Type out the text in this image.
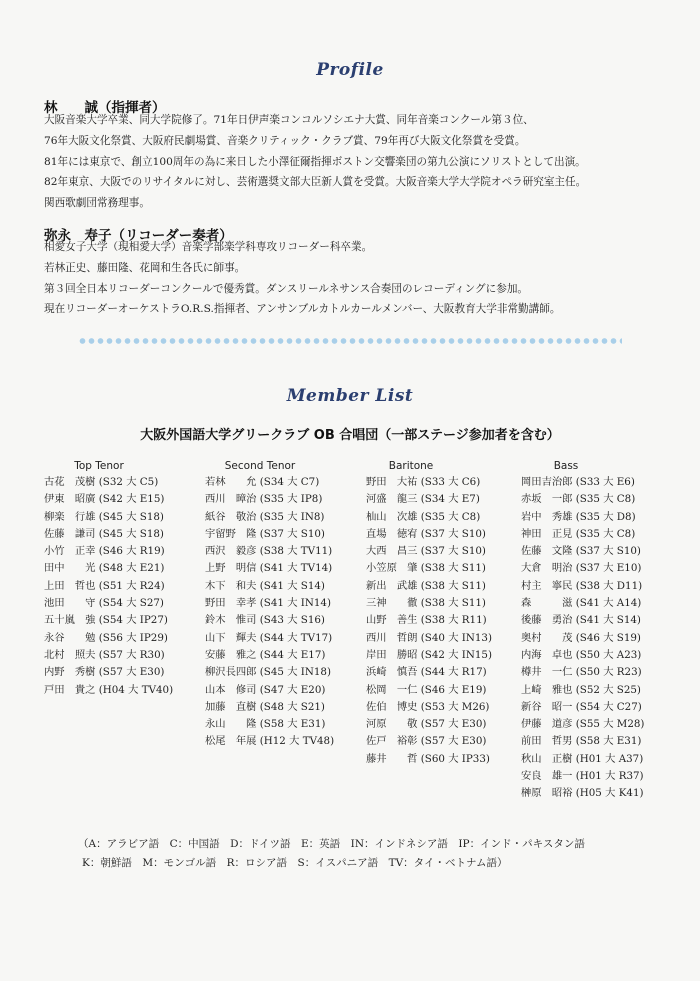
Profile
林　　誠（指揮者）
大阪音楽大学卒業、同大学院修了。71年日伊声楽コンコルソシエナ大賞、同年音楽コンクール第３位、
76年大阪文化祭賞、大阪府民劇場賞、音楽クリティック・クラブ賞、79年再び大阪文化祭賞を受賞。
81年には東京で、創立100周年の為に来日した小澤征爾指揮ボストン交響楽団の第九公演にソリストとして出演。
82年東京、大阪でのリサイタルに対し、芸術選奨文部大臣新人賞を受賞。大阪音楽大学大学院オペラ研究室主任。
関西歌劇団常務理事。
弥永　寿子（リコーダー奏者）
相愛女子大学（現相愛大学）音楽学部楽学科専攻リコーダー科卒業。
若林正史、藤田隆、花岡和生各氏に師事。
第３回全日本リコーダーコンクールで優秀賞。ダンスリールネサンス合奏団のレコーディングに参加。
現在リコーダーオーケストラO.R.S.指揮者、アンサンブルカトルカールメンバー、大阪教育大学非常勤講師。
Member List
大阪外国語大学グリークラブ OB 合唱団（一部ステージ参加者を含む）
Top Tenor
古花　茂樹 (S32 大 C5)
伊東　昭廣 (S42 大 E15)
柳楽　行雄 (S45 大 S18)
佐藤　謙司 (S45 大 S18)
小竹　正幸 (S46 大 R19)
田中　　光 (S48 大 E21)
上田　哲也 (S51 大 R24)
池田　　守 (S54 大 S27)
五十嵐　強 (S54 大 IP27)
永谷　　勉 (S56 大 IP29)
北村　照夫 (S57 大 R30)
内野　秀樹 (S57 大 E30)
戸田　貴之 (H04 大 TV40)
Second Tenor
若林　　允 (S34 大 C7)
西川　暲治 (S35 大 IP8)
紙谷　敬治 (S35 大 IN8)
宇留野　隆 (S37 大 S10)
西沢　毅彦 (S38 大 TV11)
上野　明信 (S41 大 TV14)
木下　和夫 (S41 大 S14)
野田　幸孝 (S41 大 IN14)
鈴木　惟司 (S43 大 S16)
山下　輝夫 (S44 大 TV17)
安藤　雅之 (S44 大 E17)
柳沢長四郎 (S45 大 IN18)
山本　修司 (S47 大 E20)
加藤　直樹 (S48 大 S21)
永山　　隆 (S58 大 E31)
松尾　年展 (H12 大 TV48)
Baritone
野田　大祐 (S33 大 C6)
河盛　龍三 (S34 大 E7)
杣山　次雄 (S35 大 C8)
直場　徳宥 (S37 大 S10)
大西　昌三 (S37 大 S10)
小笠原　肇 (S38 大 S11)
新出　武雄 (S38 大 S11)
三神　　徹 (S38 大 S11)
山野　善生 (S38 大 R11)
西川　哲朗 (S40 大 IN13)
岸田　勝昭 (S42 大 IN15)
浜崎　慎吾 (S44 大 R17)
松岡　一仁 (S46 大 E19)
佐伯　博史 (S53 大 M26)
河原　　敬 (S57 大 E30)
佐戸　裕彰 (S57 大 E30)
藤井　　哲 (S60 大 IP33)
Bass
岡田吉治郎 (S33 大 E6)
赤坂　一郎 (S35 大 C8)
岩中　秀雄 (S35 大 D8)
神田　正見 (S35 大 C8)
佐藤　文隆 (S37 大 S10)
大倉　明治 (S37 大 E10)
村主　寧民 (S38 大 D11)
森　　　滋 (S41 大 A14)
後藤　勇治 (S41 大 S14)
奥村　　茂 (S46 大 S19)
内海　卓也 (S50 大 A23)
樽井　一仁 (S50 大 R23)
上崎　雅也 (S52 大 S25)
新谷　昭一 (S54 大 C27)
伊藤　道彦 (S55 大 M28)
前田　哲男 (S58 大 E31)
秋山　正樹 (H01 大 A37)
安良　雄一 (H01 大 R37)
榊原　昭裕 (H05 大 K41)
（A：アラビア語　C：中国語　D：ドイツ語　E：英語　IN：インドネシア語　IP：インド・パキスタン語
K：朝鮮語　M：モンゴル語　R：ロシア語　S：イスパニア語　TV：タイ・ベトナム語）
